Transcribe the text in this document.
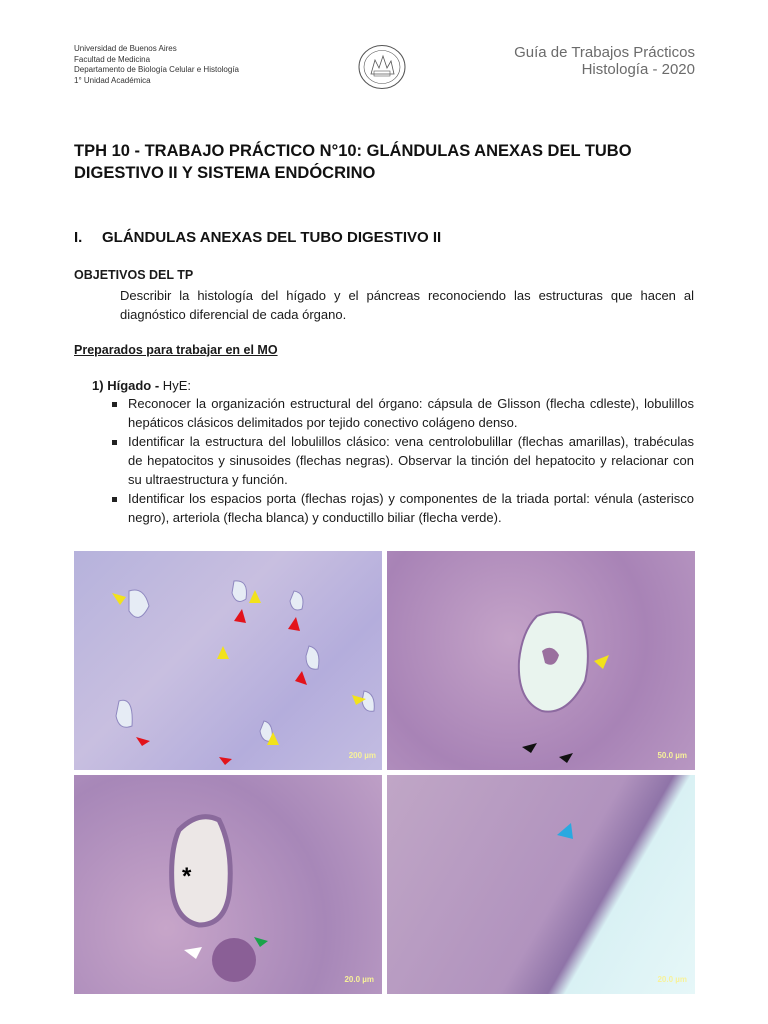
Universidad de Buenos Aires
Facultad de Medicina
Departamento de Biología Celular e Histología
1° Unidad Académica
Guía de Trabajos Prácticos
Histología - 2020
TPH 10 - TRABAJO PRÁCTICO N°10: GLÁNDULAS ANEXAS DEL TUBO DIGESTIVO II Y SISTEMA ENDÓCRINO
I. GLÁNDULAS ANEXAS DEL TUBO DIGESTIVO II
OBJETIVOS DEL TP
Describir la histología del hígado y el páncreas reconociendo las estructuras que hacen al diagnóstico diferencial de cada órgano.
Preparados para trabajar en el MO
1) Hígado - HyE:
Reconocer la organización estructural del órgano: cápsula de Glisson (flecha cdleste), lobulillos hepáticos clásicos delimitados por tejido conectivo colágeno denso.
Identificar la estructura del lobulillos clásico: vena centrolobulillar (flechas amarillas), trabéculas de hepatocitos y sinusoides (flechas negras). Observar la tinción del hepatocito y relacionar con su ultraestructura y función.
Identificar los espacios porta (flechas rojas) y componentes de la triada portal: vénula (asterisco negro), arteriola (flecha blanca) y conductillo biliar (flecha verde).
200 µm	50.0 µm
*
20.0 µm	20.0 µm
